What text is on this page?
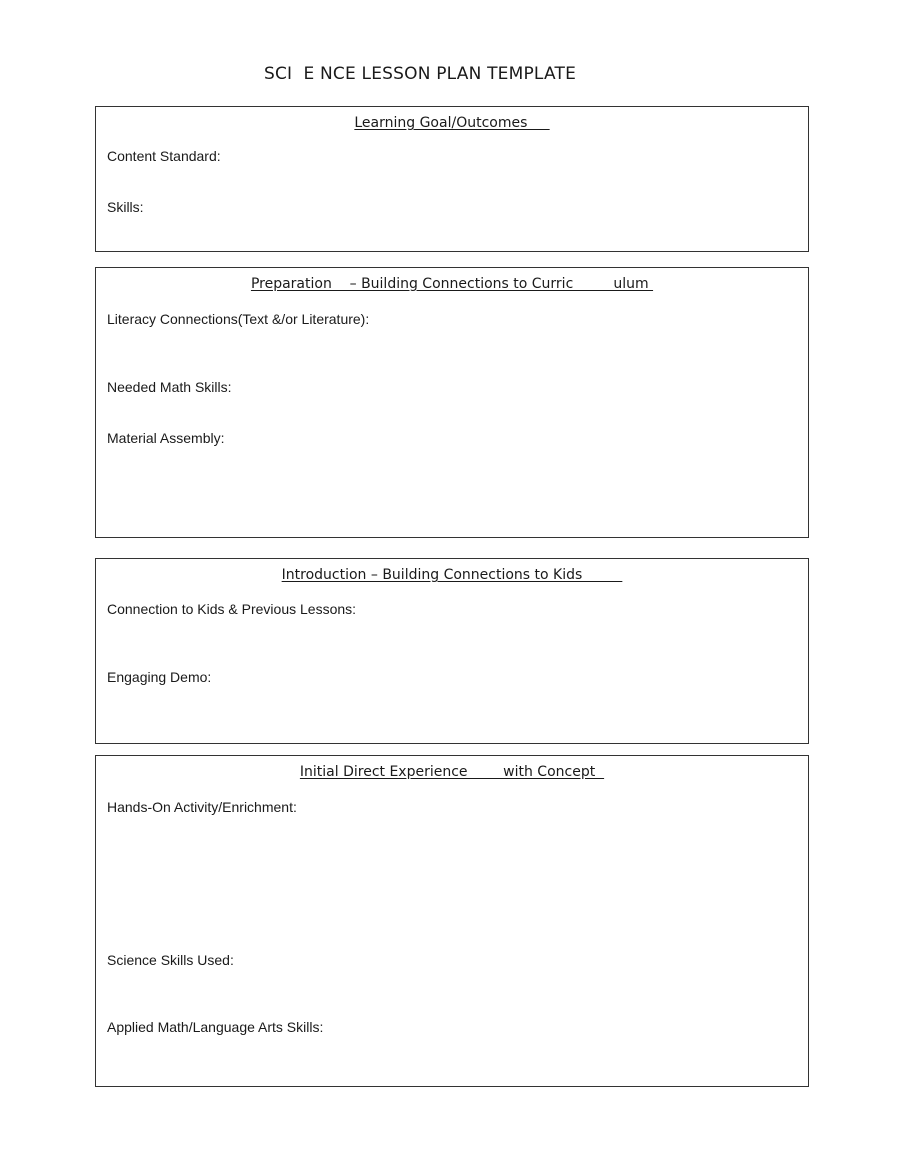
SCI  E NCE LESSON PLAN TEMPLATE
Learning Goal/Outcomes
Content Standard:
Skills:
Preparation    – Building Connections to Curric         ulum
Literacy Connections(Text &/or Literature):
Needed Math Skills:
Material Assembly:
Introduction – Building Connections to Kids
Connection to Kids & Previous Lessons:
Engaging Demo:
Initial Direct Experience        with Concept
Hands-On Activity/Enrichment:
Science Skills Used:
Applied Math/Language Arts Skills:
